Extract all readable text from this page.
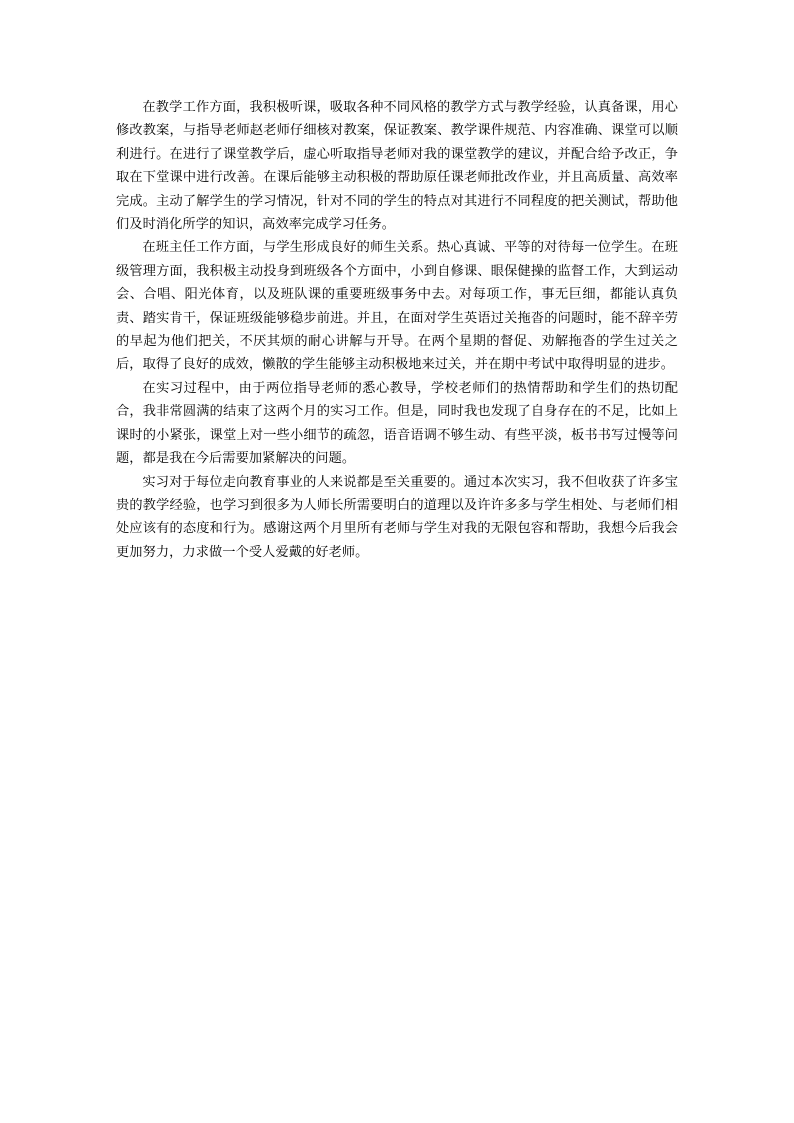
在教学工作方面，我积极听课，吸取各种不同风格的教学方式与教学经验，认真备课，用心修改教案，与指导老师赵老师仔细核对教案，保证教案、教学课件规范、内容准确、课堂可以顺利进行。在进行了课堂教学后，虚心听取指导老师对我的课堂教学的建议，并配合给予改正，争取在下堂课中进行改善。在课后能够主动积极的帮助原任课老师批改作业，并且高质量、高效率完成。主动了解学生的学习情况，针对不同的学生的特点对其进行不同程度的把关测试，帮助他们及时消化所学的知识，高效率完成学习任务。

在班主任工作方面，与学生形成良好的师生关系。热心真诚、平等的对待每一位学生。在班级管理方面，我积极主动投身到班级各个方面中，小到自修课、眼保健操的监督工作，大到运动会、合唱、阳光体育，以及班队课的重要班级事务中去。对每项工作，事无巨细，都能认真负责、踏实肯干，保证班级能够稳步前进。并且，在面对学生英语过关拖沓的问题时，能不辞辛劳的早起为他们把关，不厌其烦的耐心讲解与开导。在两个星期的督促、劝解拖沓的学生过关之后，取得了良好的成效，懒散的学生能够主动积极地来过关，并在期中考试中取得明显的进步。

在实习过程中，由于两位指导老师的悉心教导，学校老师们的热情帮助和学生们的热切配合，我非常圆满的结束了这两个月的实习工作。但是，同时我也发现了自身存在的不足，比如上课时的小紧张，课堂上对一些小细节的疏忽，语音语调不够生动、有些平淡，板书书写过慢等问题，都是我在今后需要加紧解决的问题。

实习对于每位走向教育事业的人来说都是至关重要的。通过本次实习，我不但收获了许多宝贵的教学经验，也学习到很多为人师长所需要明白的道理以及许许多多与学生相处、与老师们相处应该有的态度和行为。感谢这两个月里所有老师与学生对我的无限包容和帮助，我想今后我会更加努力，力求做一个受人爱戴的好老师。
